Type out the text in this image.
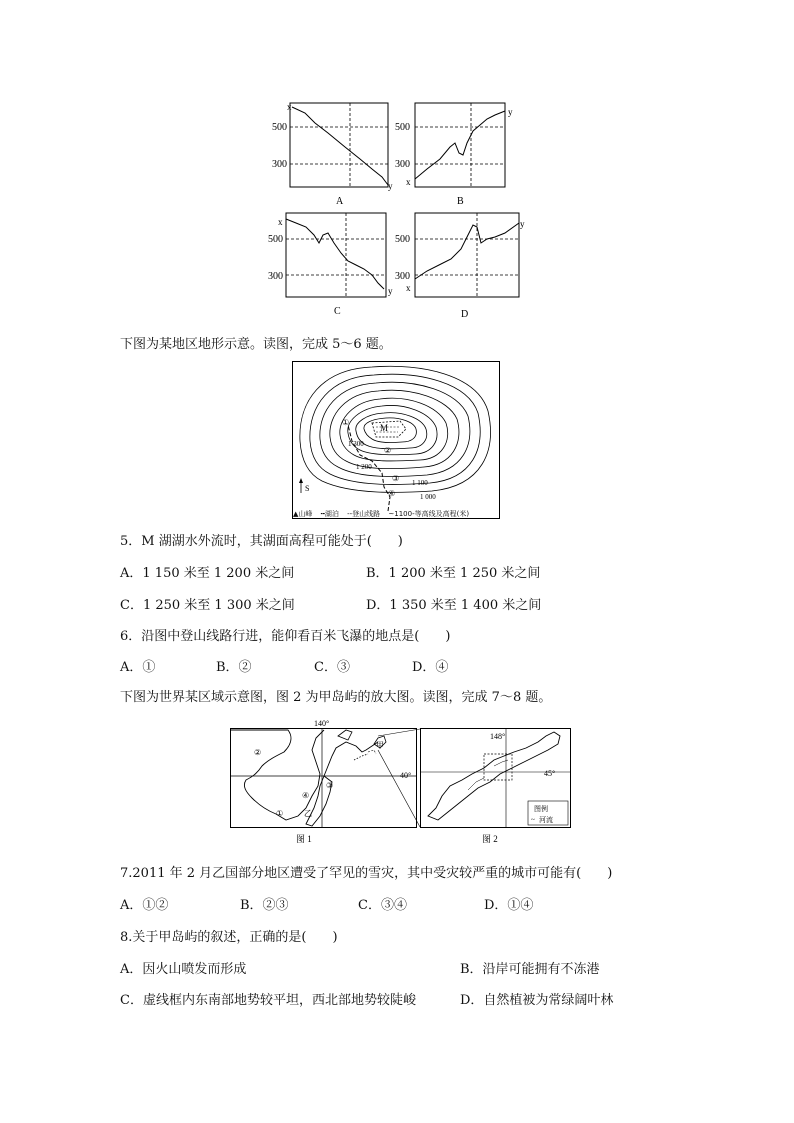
x
500
300
y
A
500
300
x
y
B
x
500
300
y
C
500
300
x
y
D
下图为某地区地形示意。读图，完成 5～6 题。
M
①
②
③
④
1 300
1 200
1 100
1 000
S
▲山峰 ╍湖泊 ‐‐登山线路 ~1100-等高线及高程(米)
5．M 湖湖水外流时，其湖面高程可能处于(　　)
A．1 150 米至 1 200 米之间	B．1 200 米至 1 250 米之间
C．1 250 米至 1 300 米之间	D．1 350 米至 1 400 米之间
6．沿图中登山线路行进，能仰看百米飞瀑的地点是(　　)
A．①	B．②	C．③	D．④
下图为世界某区域示意图，图 2 为甲岛屿的放大图。读图，完成 7～8 题。
140°
②
甲
③
④
①	乙
40°
148°
45°
图例
~ 河流
图 1	图 2
7.2011 年 2 月乙国部分地区遭受了罕见的雪灾，其中受灾较严重的城市可能有(　　)
A．①②	B．②③	C．③④	D．①④
8.关于甲岛屿的叙述，正确的是(　　)
A．因火山喷发而形成	B．沿岸可能拥有不冻港
C．虚线框内东南部地势较平坦，西北部地势较陡峻	D．自然植被为常绿阔叶林
